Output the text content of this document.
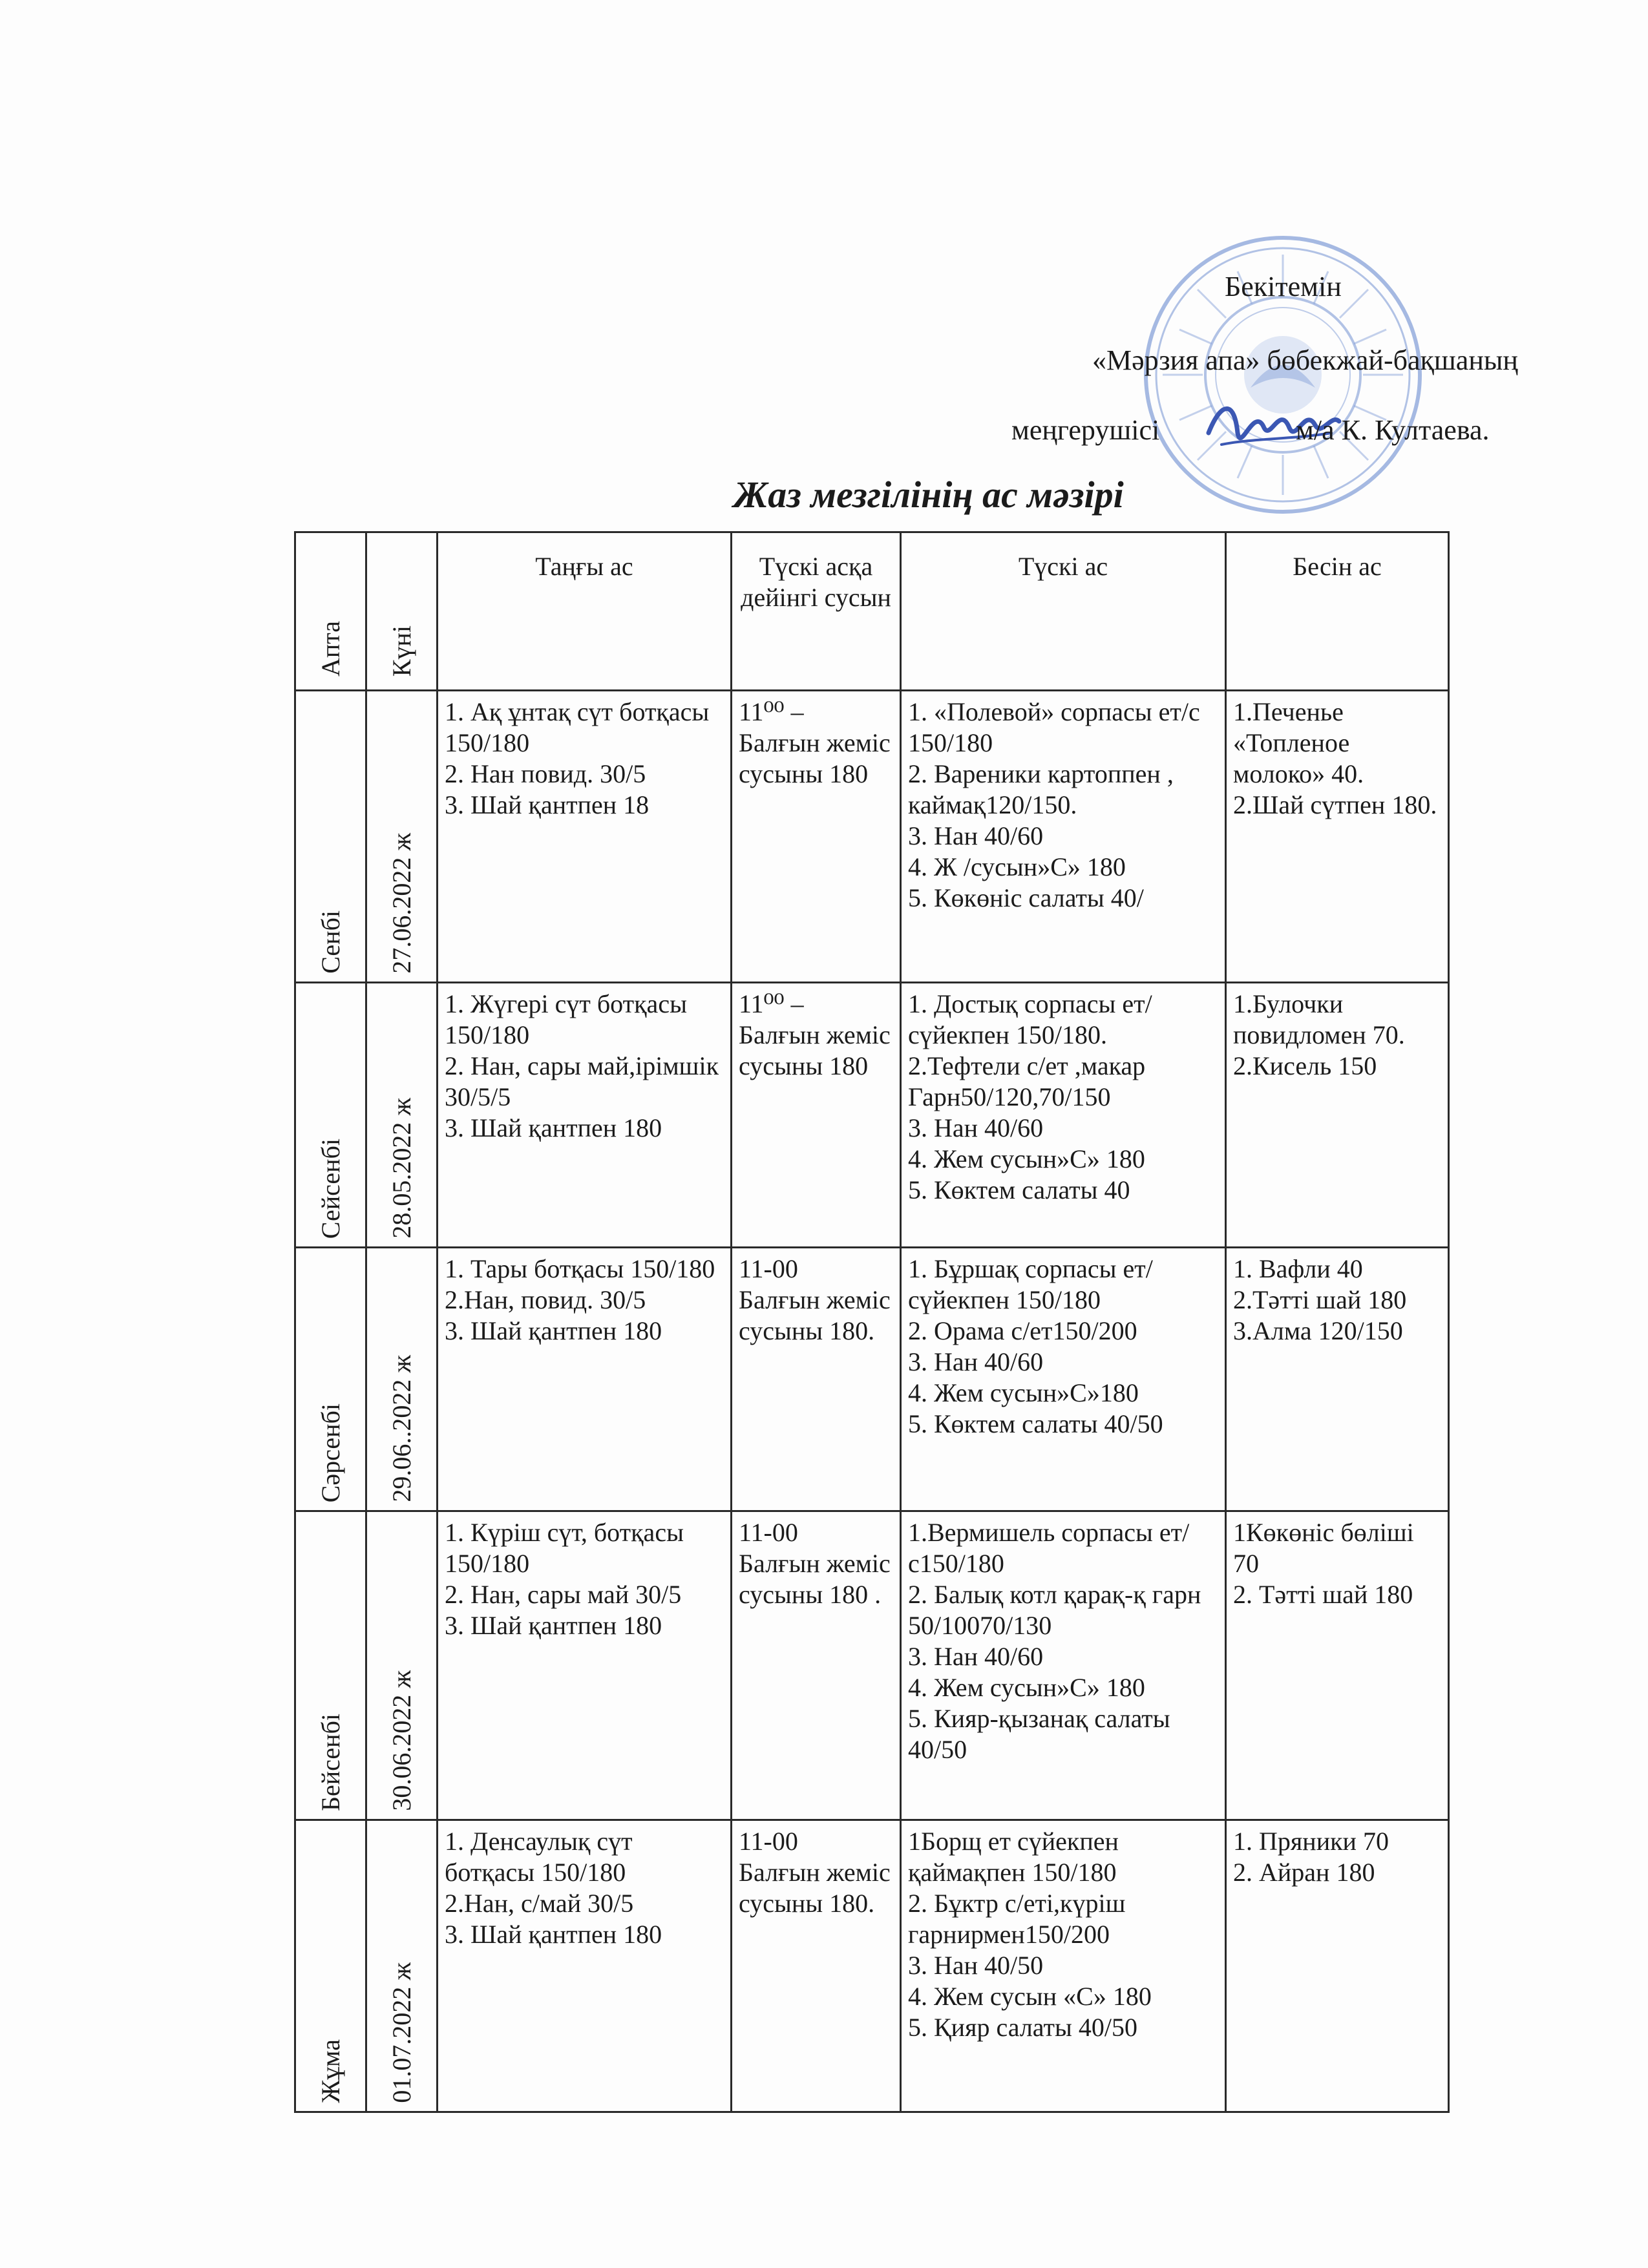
Бекітемін
«Мәрзия апа» бөбекжай-бақшаның
меңгерушісі	м/а К. Култаева.
Жаз мезгілінің ас мәзірі
Апта	Күні	Таңғы ас	Түскі асқа дейінгі сусын	Түскі ас	Бесін ас

Сенбі	27.06.2022 ж	1. Ақ ұнтақ сүт ботқасы 150/180
2. Нан повид. 30/5
3. Шай қантпен 18	11⁰⁰ –
Балғын жеміс сусыны 180	1. «Полевой» сорпасы ет/с 150/180
2. Вареники картоппен , каймақ120/150.
3. Нан 40/60
4. Ж /сусын»С» 180
5. Көкөніс салаты 40/	1.Печенье «Топленое молоко» 40.
2.Шай сүтпен 180.

Сейсенбі	28.05.2022 ж	1. Жүгері сүт ботқасы 150/180
2. Нан, сары май,ірімшік 30/5/5
3. Шай қантпен 180	11⁰⁰ –
Балғын жеміс сусыны 180	1. Достық сорпасы ет/сүйекпен 150/180.
2.Тефтели с/ет ,макар Гарн50/120,70/150
3. Нан 40/60
4. Жем сусын»С» 180
5. Көктем салаты 40	1.Булочки повидломен 70.
2.Кисель 150

Сәрсенбі	29.06..2022 ж	1. Тары ботқасы 150/180
2.Нан, повид. 30/5
3. Шай қантпен 180	11-00
Балғын жеміс сусыны 180.	1. Бұршақ сорпасы ет/ сүйекпен 150/180
2. Орама с/ет150/200
3. Нан 40/60
4. Жем сусын»С»180
5. Көктем салаты 40/50	1. Вафли 40
2.Тәтті шай 180
3.Алма 120/150

Бейсенбі	30.06.2022 ж	1. Күріш сүт, ботқасы 150/180
2. Нан, сары май 30/5
3. Шай қантпен 180	11-00
Балғын жеміс сусыны 180 .	1.Вермишель сорпасы ет/с150/180
2. Балық котл қарақ-қ гарн 50/10070/130
3. Нан 40/60
4. Жем сусын»С» 180
5. Кияр-қызанақ салаты 40/50	1Көкөніс бөліші 70
2. Тәтті шай 180

Жұма	01.07.2022 ж	1. Денсаулық сүт ботқасы 150/180
2.Нан, с/май 30/5
3. Шай қантпен 180	11-00
Балғын жеміс сусыны 180.	1Борщ ет сүйекпен қаймақпен 150/180
2. Бұктр с/еті,күріш гарнирмен150/200
3. Нан 40/50
4. Жем сусын «С» 180
5. Қияр салаты 40/50	1. Пряники 70
2. Айран 180
